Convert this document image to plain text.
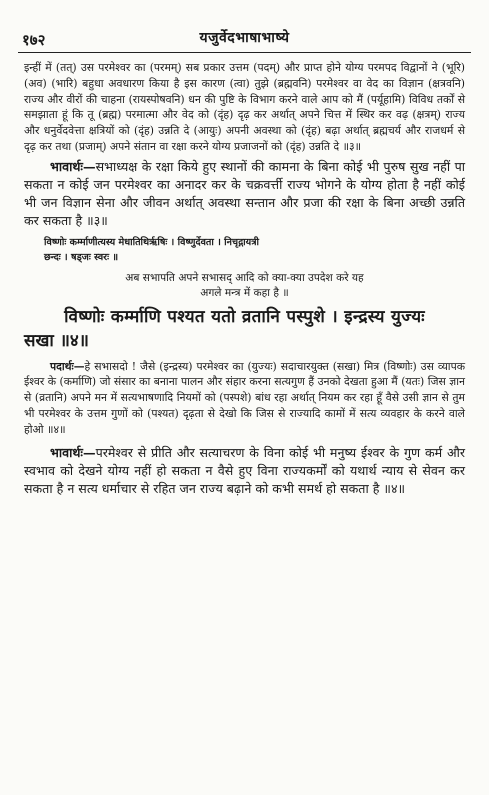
१७२	यजुर्वेदभाषाभाष्ये

इन्हीं में (तत्) उस परमेश्वर का (परमम्) सब प्रकार उत्तम (पदम्) और प्राप्त होने योग्य परमपद विद्वानों ने (भूरि) (अव) (भारि) बहुधा अवधारण किया है इस कारण (त्वा) तुझे (ब्रह्मवनि) परमेश्वर वा वेद का विज्ञान (क्षत्रवनि) राज्य और वीरों की चाहना (रायस्पोषवनि) धन की पुष्टि के विभाग करने वाले आप को मैं (पर्यूहामि) विविध तर्कों से समझाता हूं कि तू (ब्रह्म) परमात्मा और वेद को (दृंह) दृढ़ कर अर्थात् अपने चित्त में स्थिर कर वढ़ (क्षत्रम्) राज्य और धनुर्वेदवेत्ता क्षत्रियों को (दृंह) उन्नति दे (आयुः) अपनी अवस्था को (दृंह) बढ़ा अर्थात् ब्रह्मचर्य और राजधर्म से दृढ़ कर तथा (प्रजाम्) अपने संतान वा रक्षा करने योग्य प्रजाजनों को (दृंह) उन्नति दे ॥३॥

भावार्थः—सभाध्यक्ष के रक्षा किये हुए स्थानों की कामना के बिना कोई भी पुरुष सुख नहीं पा सकता न कोई जन परमेश्वर का अनादर कर के चक्रवर्त्ती राज्य भोगने के योग्य होता है नहीं कोई भी जन विज्ञान सेना और जीवन अर्थात् अवस्था सन्तान और प्रजा की रक्षा के बिना अच्छी उन्नति कर सकता है ॥३॥

विष्णोः कर्म्माणीत्यस्य मेधातिथिर्ऋषिः । विष्णुर्देवता । निचृद्गायत्री
छन्दः । षड्जः स्वरः ॥
अब सभापति अपने सभासद् आदि को क्या-क्या उपदेश करे यह
अगले मन्त्र में कहा है ॥
विष्णोः कर्म्माणि पश्यत यतो व्रतानि पस्पुशे । इन्द्रस्य युज्यः

सखा ॥४॥

पदार्थः—हे सभासदो ! जैसे (इन्द्रस्य) परमेश्वर का (युज्यः) सदाचारयुक्त (सखा) मित्र (विष्णोः) उस व्यापक ईश्वर के (कर्माणि) जो संसार का बनाना पालन और संहार करना सत्यगुण हैं उनको देखता हुआ मैं (यतः) जिस ज्ञान से (व्रतानि) अपने मन में सत्यभाषणादि नियमों को (पस्पशे) बांध रहा अर्थात् नियम कर रहा हूँ वैसे उसी ज्ञान से तुम भी परमेश्वर के उत्तम गुणों को (पश्यत) दृढ़ता से देखो कि जिस से राज्यादि कामों में सत्य व्यवहार के करने वाले होओ ॥४॥

भावार्थः—परमेश्वर से प्रीति और सत्याचरण के विना कोई भी मनुष्य ईश्वर के गुण कर्म और स्वभाव को देखने योग्य नहीं हो सकता न वैसे हुए विना राज्यकर्मों को यथार्थ न्याय से सेवन कर सकता है न सत्य धर्माचार से रहित जन राज्य बढ़ाने को कभी समर्थ हो सकता है ॥४॥
